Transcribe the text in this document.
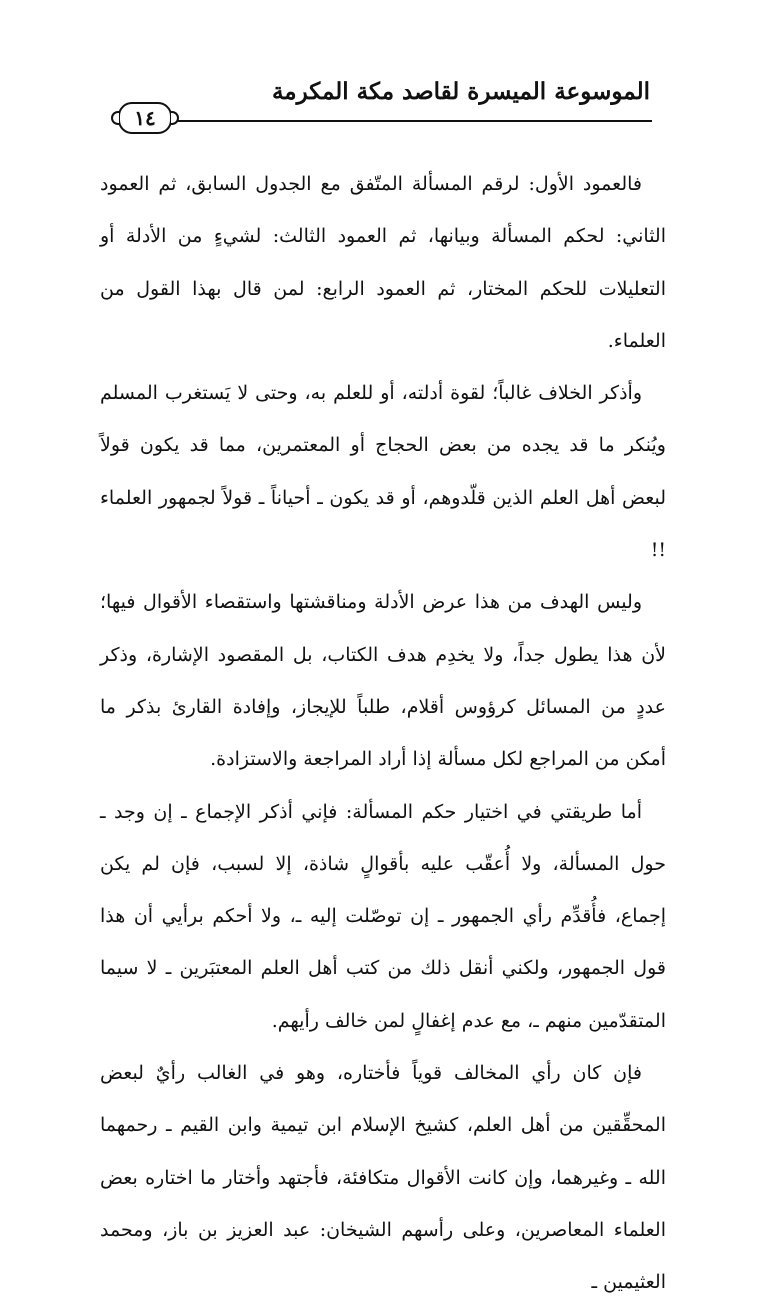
الموسوعة الميسرة لقاصد مكة المكرمة
١٤

فالعمود الأول: لرقم المسألة المتّفق مع الجدول السابق، ثم العمود الثاني: لحكم المسألة وبيانها، ثم العمود الثالث: لشيءٍ من الأدلة أو التعليلات للحكم المختار، ثم العمود الرابع: لمن قال بهذا القول من العلماء.

وأذكر الخلاف غالباً؛ لقوة أدلته، أو للعلم به، وحتى لا يَستغرب المسلم ويُنكر ما قد يجده من بعض الحجاج أو المعتمرين، مما قد يكون قولاً لبعض أهل العلم الذين قلّدوهم، أو قد يكون ـ أحياناً ـ قولاً لجمهور العلماء !!

وليس الهدف من هذا عرض الأدلة ومناقشتها واستقصاء الأقوال فيها؛ لأن هذا يطول جداً، ولا يخدِم هدف الكتاب، بل المقصود الإشارة، وذكر عددٍ من المسائل كرؤوس أقلام، طلباً للإيجاز، وإفادة القارئ بذكر ما أمكن من المراجع لكل مسألة إذا أراد المراجعة والاستزادة.

أما طريقتي في اختيار حكم المسألة: فإني أذكر الإجماع ـ إن وجد ـ حول المسألة، ولا أُعقّب عليه بأقوالٍ شاذة، إلا لسبب، فإن لم يكن إجماع، فأُقدِّم رأي الجمهور ـ إن توصّلت إليه ـ، ولا أحكم برأيي أن هذا قول الجمهور، ولكني أنقل ذلك من كتب أهل العلم المعتبَرين ـ لا سيما المتقدّمين منهم ـ، مع عدم إغفالٍ لمن خالف رأيهم.

فإن كان رأي المخالف قوياً فأختاره، وهو في الغالب رأيٌ لبعض المحقِّقين من أهل العلم، كشيخ الإسلام ابن تيمية وابن القيم ـ رحمهما الله ـ وغيرهما، وإن كانت الأقوال متكافئة، فأجتهد وأختار ما اختاره بعض العلماء المعاصرين، وعلى رأسهم الشيخان: عبد العزيز بن باز، ومحمد العثيمين ـ
